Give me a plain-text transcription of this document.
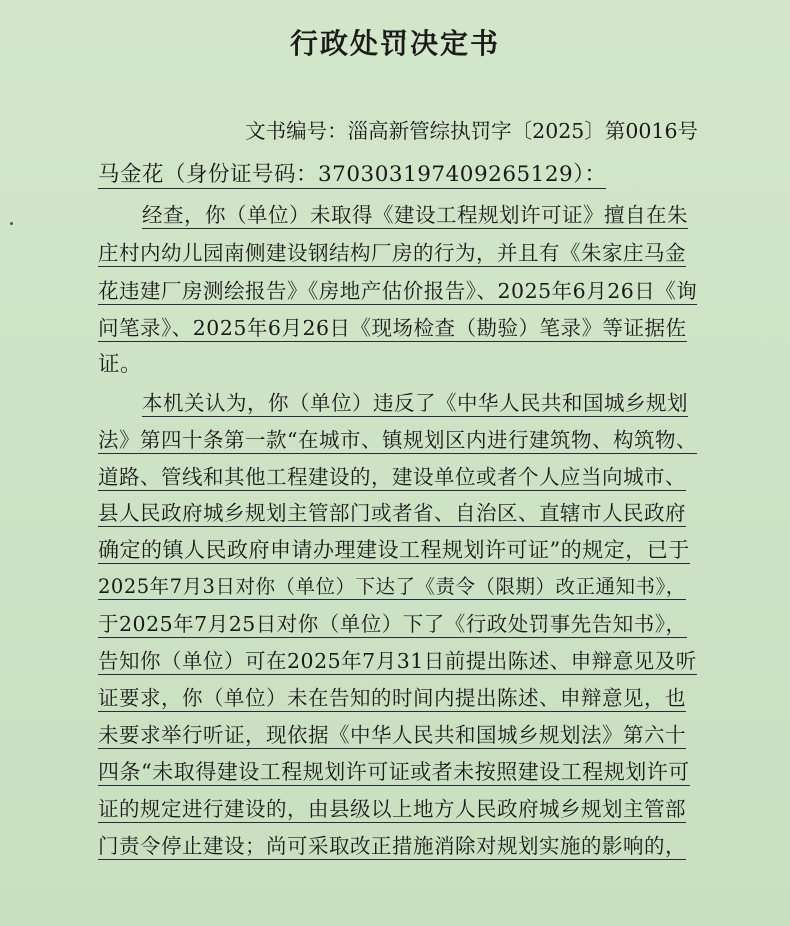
行政处罚决定书
文书编号：淄高新管综执罚字〔2025〕第0016号
马金花（身份证号码：370303197409265129）：
经查，你（单位）未取得《建设工程规划许可证》擅自在朱
庄村内幼儿园南侧建设钢结构厂房的行为，并且有《朱家庄马金
花违建厂房测绘报告》《房地产估价报告》、2025年6月26日《询
问笔录》、2025年6月26日《现场检查（勘验）笔录》等证据佐
证。
本机关认为，你（单位）违反了《中华人民共和国城乡规划
法》第四十条第一款“在城市、镇规划区内进行建筑物、构筑物、
道路、管线和其他工程建设的，建设单位或者个人应当向城市、
县人民政府城乡规划主管部门或者省、自治区、直辖市人民政府
确定的镇人民政府申请办理建设工程规划许可证”的规定，已于
2025年7月3日对你（单位）下达了《责令（限期）改正通知书》，
于2025年7月25日对你（单位）下了《行政处罚事先告知书》，
告知你（单位）可在2025年7月31日前提出陈述、申辩意见及听
证要求，你（单位）未在告知的时间内提出陈述、申辩意见，也
未要求举行听证，现依据《中华人民共和国城乡规划法》第六十
四条“未取得建设工程规划许可证或者未按照建设工程规划许可
证的规定进行建设的，由县级以上地方人民政府城乡规划主管部
门责令停止建设；尚可采取改正措施消除对规划实施的影响的，
